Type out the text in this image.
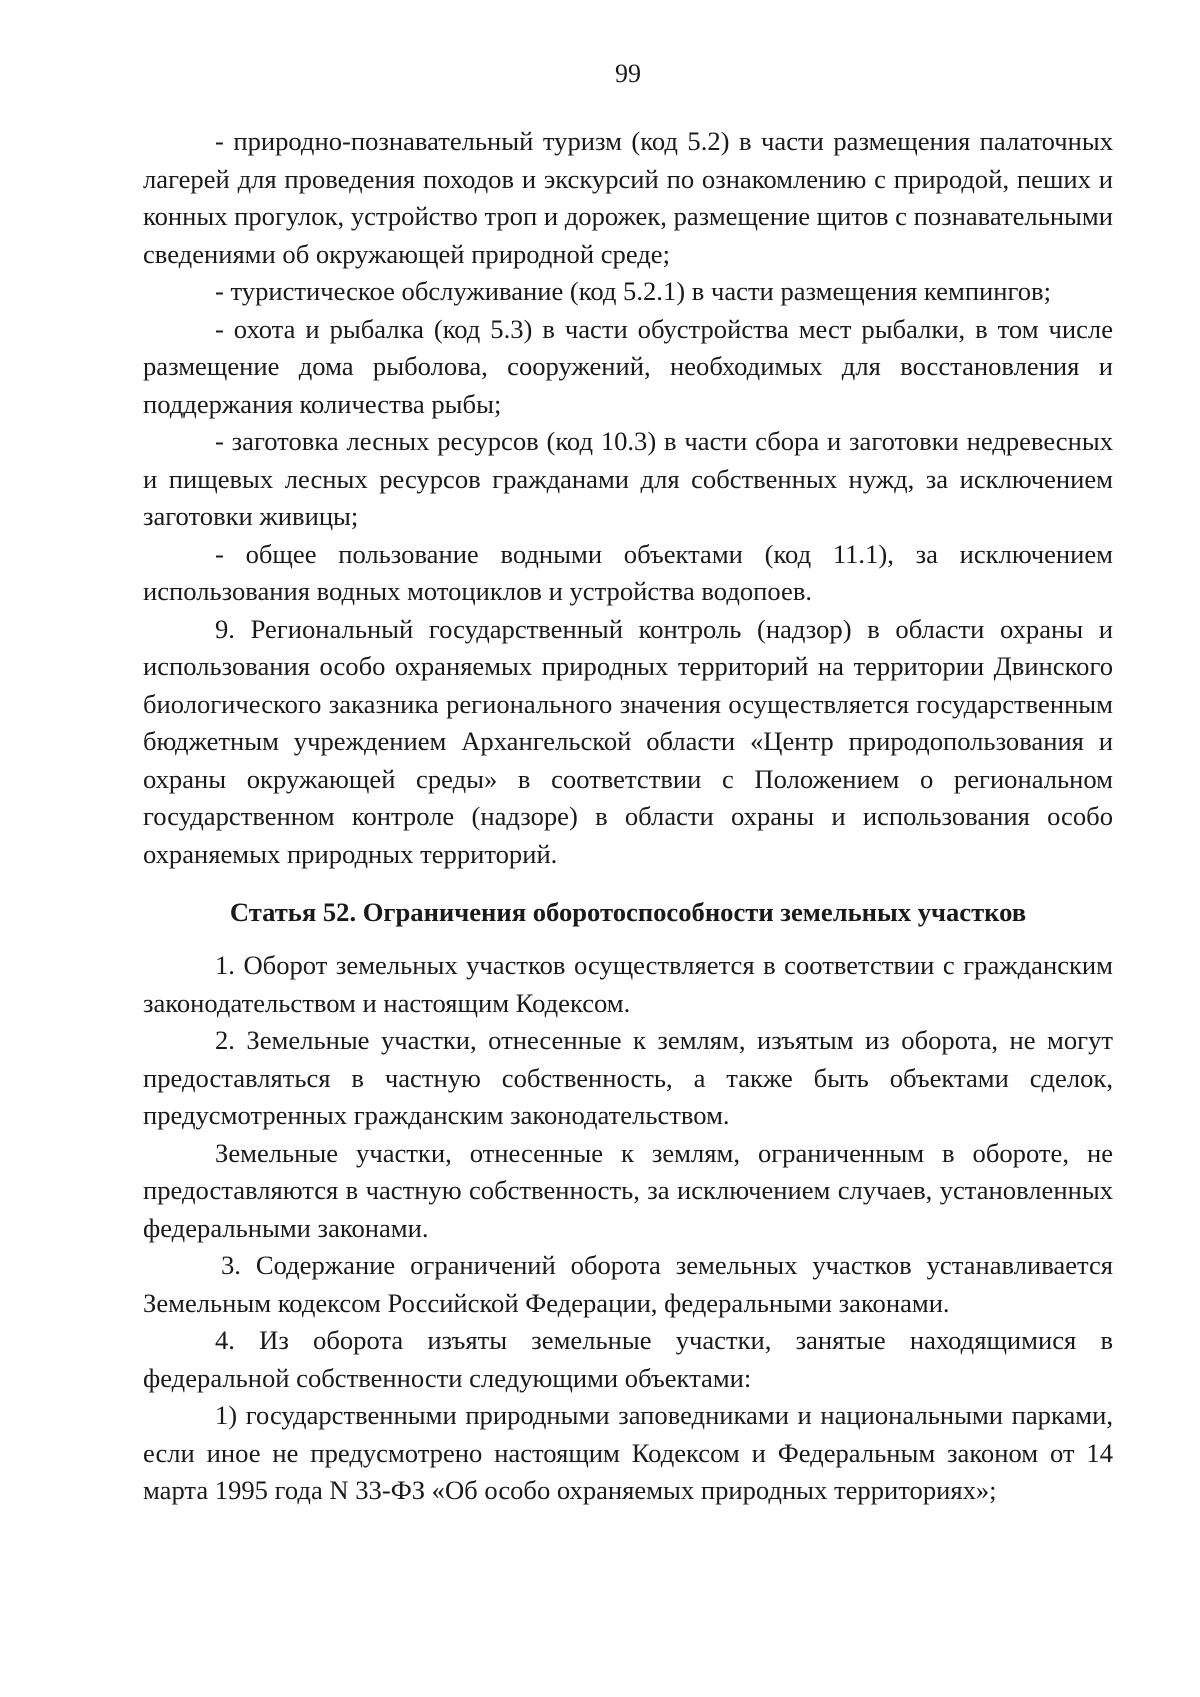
99

- природно-познавательный туризм (код 5.2) в части размещения палаточных лагерей для проведения походов и экскурсий по ознакомлению с природой, пеших и конных прогулок, устройство троп и дорожек, размещение щитов с познавательными сведениями об окружающей природной среде;

- туристическое обслуживание (код 5.2.1) в части размещения кемпингов;

- охота и рыбалка (код 5.3) в части обустройства мест рыбалки, в том числе размещение дома рыболова, сооружений, необходимых для восстановления и поддержания количества рыбы;

- заготовка лесных ресурсов (код 10.3) в части сбора и заготовки недревесных и пищевых лесных ресурсов гражданами для собственных нужд, за исключением заготовки живицы;

- общее пользование водными объектами (код 11.1), за исключением использования водных мотоциклов и устройства водопоев.

9. Региональный государственный контроль (надзор) в области охраны и использования особо охраняемых природных территорий на территории Двинского биологического заказника регионального значения осуществляется государственным бюджетным учреждением Архангельской области «Центр природопользования и охраны окружающей среды» в соответствии с Положением о региональном государственном контроле (надзоре) в области охраны и использования особо охраняемых природных территорий.

Статья 52. Ограничения оборотоспособности земельных участков

1. Оборот земельных участков осуществляется в соответствии с гражданским законодательством и настоящим Кодексом.

2. Земельные участки, отнесенные к землям, изъятым из оборота, не могут предоставляться в частную собственность, а также быть объектами сделок, предусмотренных гражданским законодательством.

Земельные участки, отнесенные к землям, ограниченным в обороте, не предоставляются в частную собственность, за исключением случаев, установленных федеральными законами.

3. Содержание ограничений оборота земельных участков устанавливается Земельным кодексом Российской Федерации, федеральными законами.

4. Из оборота изъяты земельные участки, занятые находящимися в федеральной собственности следующими объектами:

1) государственными природными заповедниками и национальными парками, если иное не предусмотрено настоящим Кодексом и Федеральным законом от 14 марта 1995 года N 33-ФЗ «Об особо охраняемых природных территориях»;
